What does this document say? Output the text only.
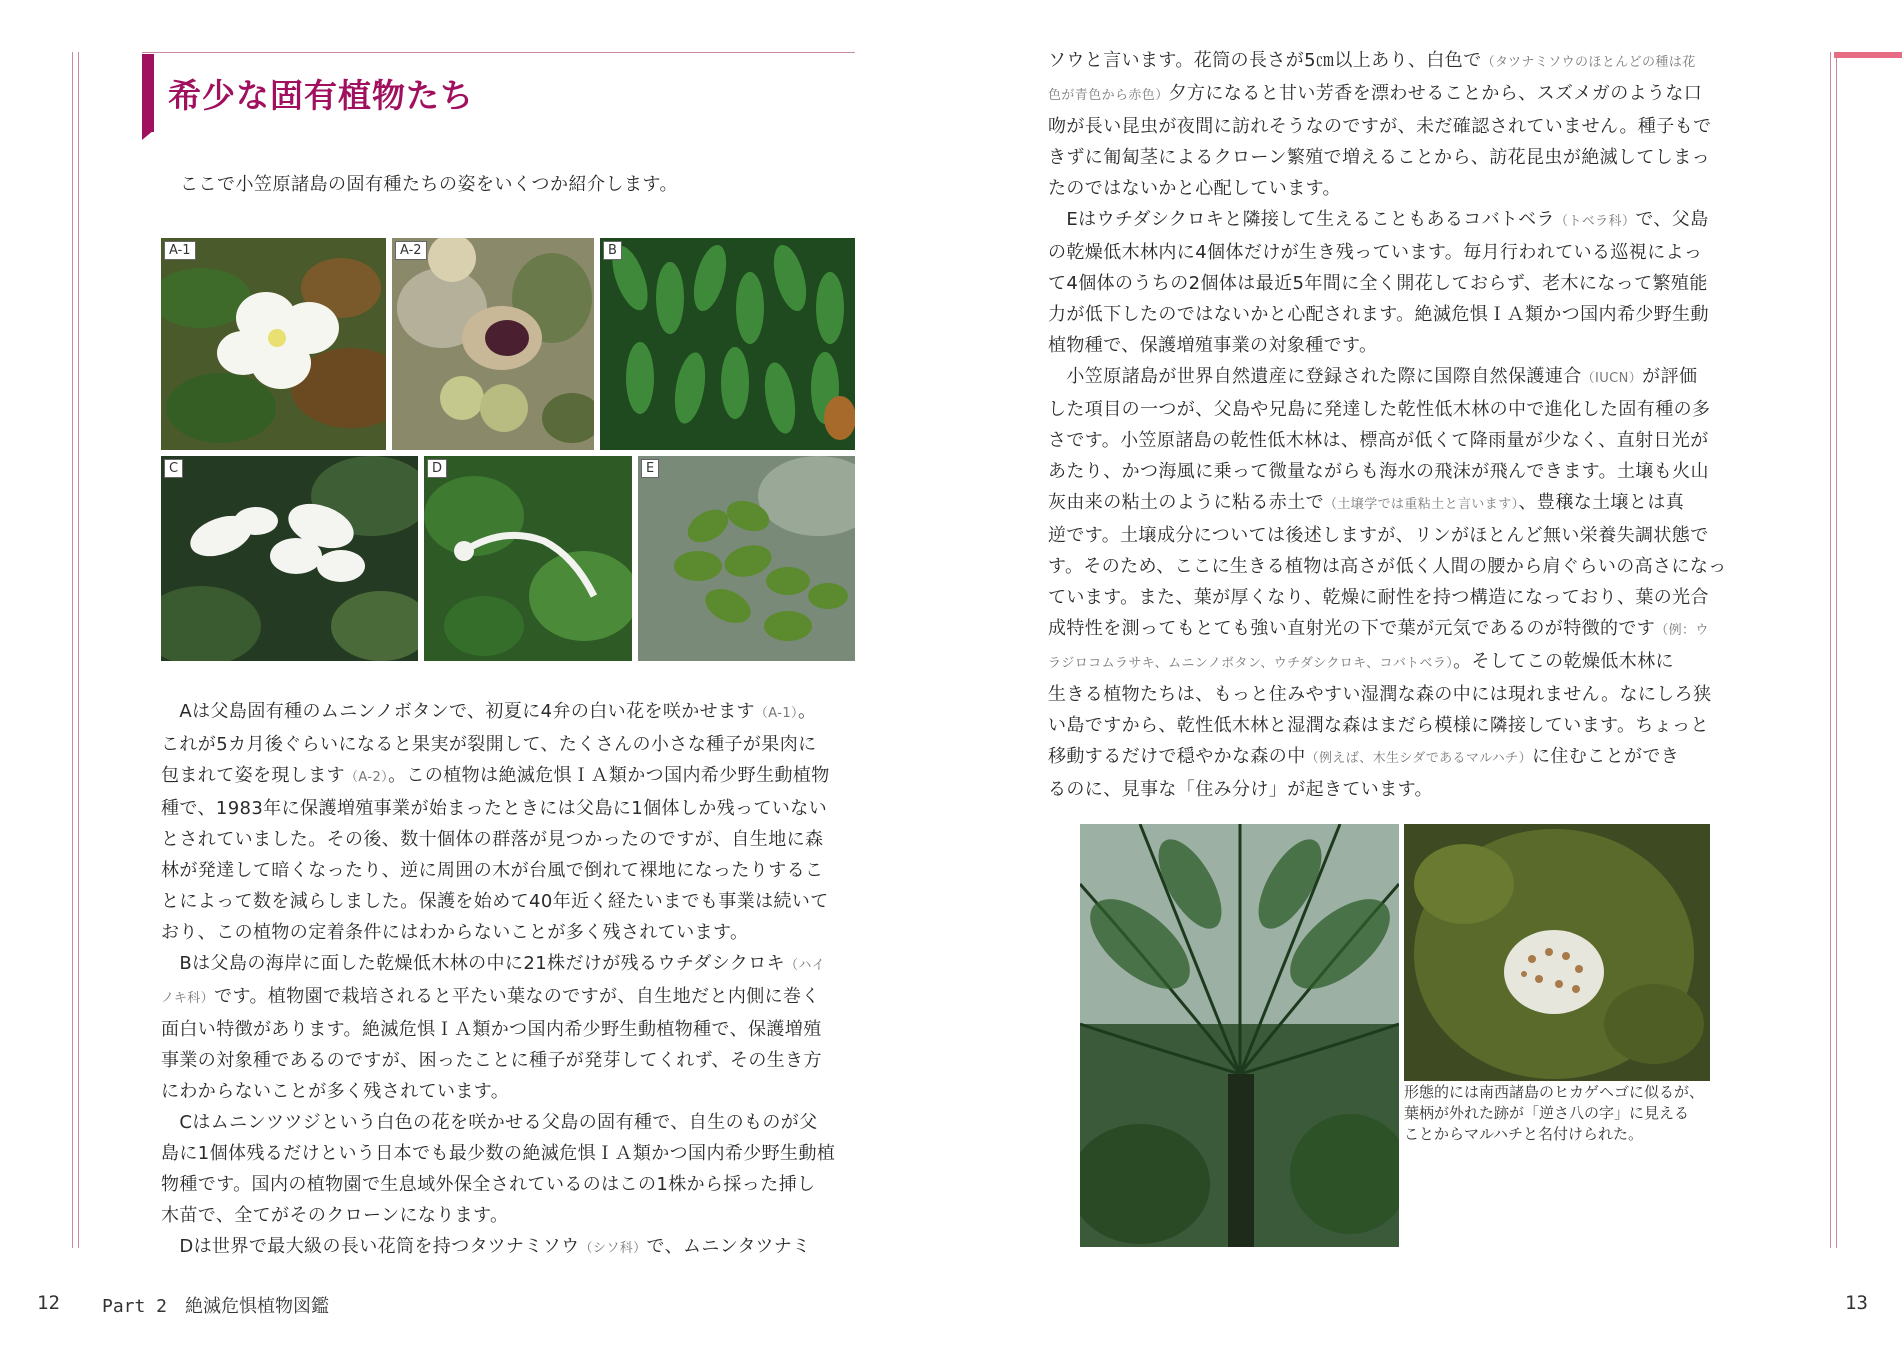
希少な固有植物たち
ここで小笠原諸島の固有種たちの姿をいくつか紹介します。
A-1	A-2	B
C	D	E

　Aは父島固有種のムニンノボタンで、初夏に4弁の白い花を咲かせます（A-1）。

これが5カ月後ぐらいになると果実が裂開して、たくさんの小さな種子が果肉に

包まれて姿を現します（A-2）。この植物は絶滅危惧ＩＡ類かつ国内希少野生動植物

種で、1983年に保護増殖事業が始まったときには父島に1個体しか残っていない

とされていました。その後、数十個体の群落が見つかったのですが、自生地に森

林が発達して暗くなったり、逆に周囲の木が台風で倒れて裸地になったりするこ

とによって数を減らしました。保護を始めて40年近く経たいまでも事業は続いて

おり、この植物の定着条件にはわからないことが多く残されています。

　Bは父島の海岸に面した乾燥低木林の中に21株だけが残るウチダシクロキ（ハイ

ノキ科）です。植物園で栽培されると平たい葉なのですが、自生地だと内側に巻く

面白い特徴があります。絶滅危惧ＩＡ類かつ国内希少野生動植物種で、保護増殖

事業の対象種であるのですが、困ったことに種子が発芽してくれず、その生き方

にわからないことが多く残されています。

　Cはムニンツツジという白色の花を咲かせる父島の固有種で、自生のものが父

島に1個体残るだけという日本でも最少数の絶滅危惧ＩＡ類かつ国内希少野生動植

物種です。国内の植物園で生息域外保全されているのはこの1株から採った挿し

木苗で、全てがそのクローンになります。

　Dは世界で最大級の長い花筒を持つタツナミソウ（シソ科）で、ムニンタツナミ

ソウと言います。花筒の長さが5㎝以上あり、白色で（タツナミソウのほとんどの種は花

色が青色から赤色）夕方になると甘い芳香を漂わせることから、スズメガのような口

吻が長い昆虫が夜間に訪れそうなのですが、未だ確認されていません。種子もで

きずに匍匐茎によるクローン繁殖で増えることから、訪花昆虫が絶滅してしまっ

たのではないかと心配しています。

　Eはウチダシクロキと隣接して生えることもあるコバトベラ（トベラ科）で、父島

の乾燥低木林内に4個体だけが生き残っています。毎月行われている巡視によっ

て4個体のうちの2個体は最近5年間に全く開花しておらず、老木になって繁殖能

力が低下したのではないかと心配されます。絶滅危惧ＩＡ類かつ国内希少野生動

植物種で、保護増殖事業の対象種です。

　小笠原諸島が世界自然遺産に登録された際に国際自然保護連合（IUCN）が評価

した項目の一つが、父島や兄島に発達した乾性低木林の中で進化した固有種の多

さです。小笠原諸島の乾性低木林は、標高が低くて降雨量が少なく、直射日光が

あたり、かつ海風に乗って微量ながらも海水の飛沫が飛んできます。土壌も火山

灰由来の粘土のように粘る赤土で（土壌学では重粘土と言います）、豊穣な土壌とは真

逆です。土壌成分については後述しますが、リンがほとんど無い栄養失調状態で

す。そのため、ここに生きる植物は高さが低く人間の腰から肩ぐらいの高さになっ

ています。また、葉が厚くなり、乾燥に耐性を持つ構造になっており、葉の光合

成特性を測ってもとても強い直射光の下で葉が元気であるのが特徴的です（例：ウ

ラジロコムラサキ、ムニンノボタン、ウチダシクロキ、コバトベラ）。そしてこの乾燥低木林に

生きる植物たちは、もっと住みやすい湿潤な森の中には現れません。なにしろ狭

い島ですから、乾性低木林と湿潤な森はまだら模様に隣接しています。ちょっと

移動するだけで穏やかな森の中（例えば、木生シダであるマルハチ）に住むことができ

るのに、見事な「住み分け」が起きています。

形態的には南西諸島のヒカゲヘゴに似るが、

葉柄が外れた跡が「逆さ八の字」に見える

ことからマルハチと名付けられた。

12 Part 2　絶滅危惧植物図鑑	13
